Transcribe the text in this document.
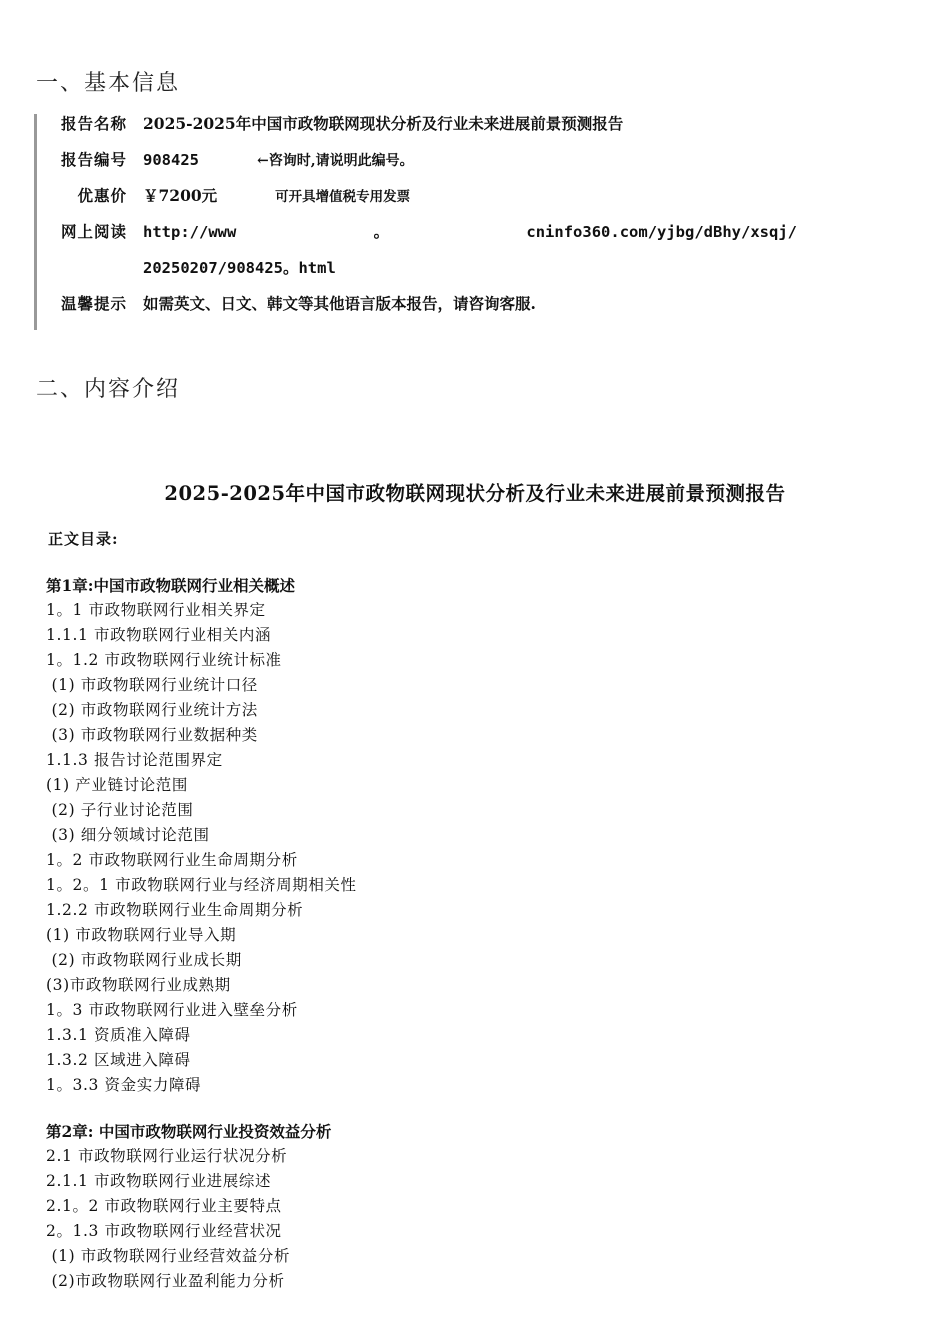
一、基本信息
报告名称	2025-2025年中国市政物联网现状分析及行业未来进展前景预测报告
报告编号	908425	←咨询时,请说明此编号。
优惠价	￥7200元	可开具增值税专用发票
网上阅读	http://www	。	cninfo360.com/yjbg/dBhy/xsqj/
20250207/908425。html
温馨提示	如需英文、日文、韩文等其他语言版本报告，请咨询客服.
二、内容介绍
2025-2025年中国市政物联网现状分析及行业未来进展前景预测报告
正文目录:
第1章:中国市政物联网行业相关概述
1。1 市政物联网行业相关界定
1.1.1 市政物联网行业相关内涵
1。1.2 市政物联网行业统计标准
(1) 市政物联网行业统计口径
(2) 市政物联网行业统计方法
(3) 市政物联网行业数据种类
1.1.3 报告讨论范围界定
(1) 产业链讨论范围
(2) 子行业讨论范围
(3) 细分领域讨论范围
1。2 市政物联网行业生命周期分析
1。2。1 市政物联网行业与经济周期相关性
1.2.2 市政物联网行业生命周期分析
(1) 市政物联网行业导入期
(2) 市政物联网行业成长期
(3)市政物联网行业成熟期
1。3 市政物联网行业进入壁垒分析
1.3.1 资质准入障碍
1.3.2 区域进入障碍
1。3.3 资金实力障碍
第2章: 中国市政物联网行业投资效益分析
2.1 市政物联网行业运行状况分析
2.1.1 市政物联网行业进展综述
2.1。2 市政物联网行业主要特点
2。1.3 市政物联网行业经营状况
(1) 市政物联网行业经营效益分析
(2)市政物联网行业盈利能力分析
